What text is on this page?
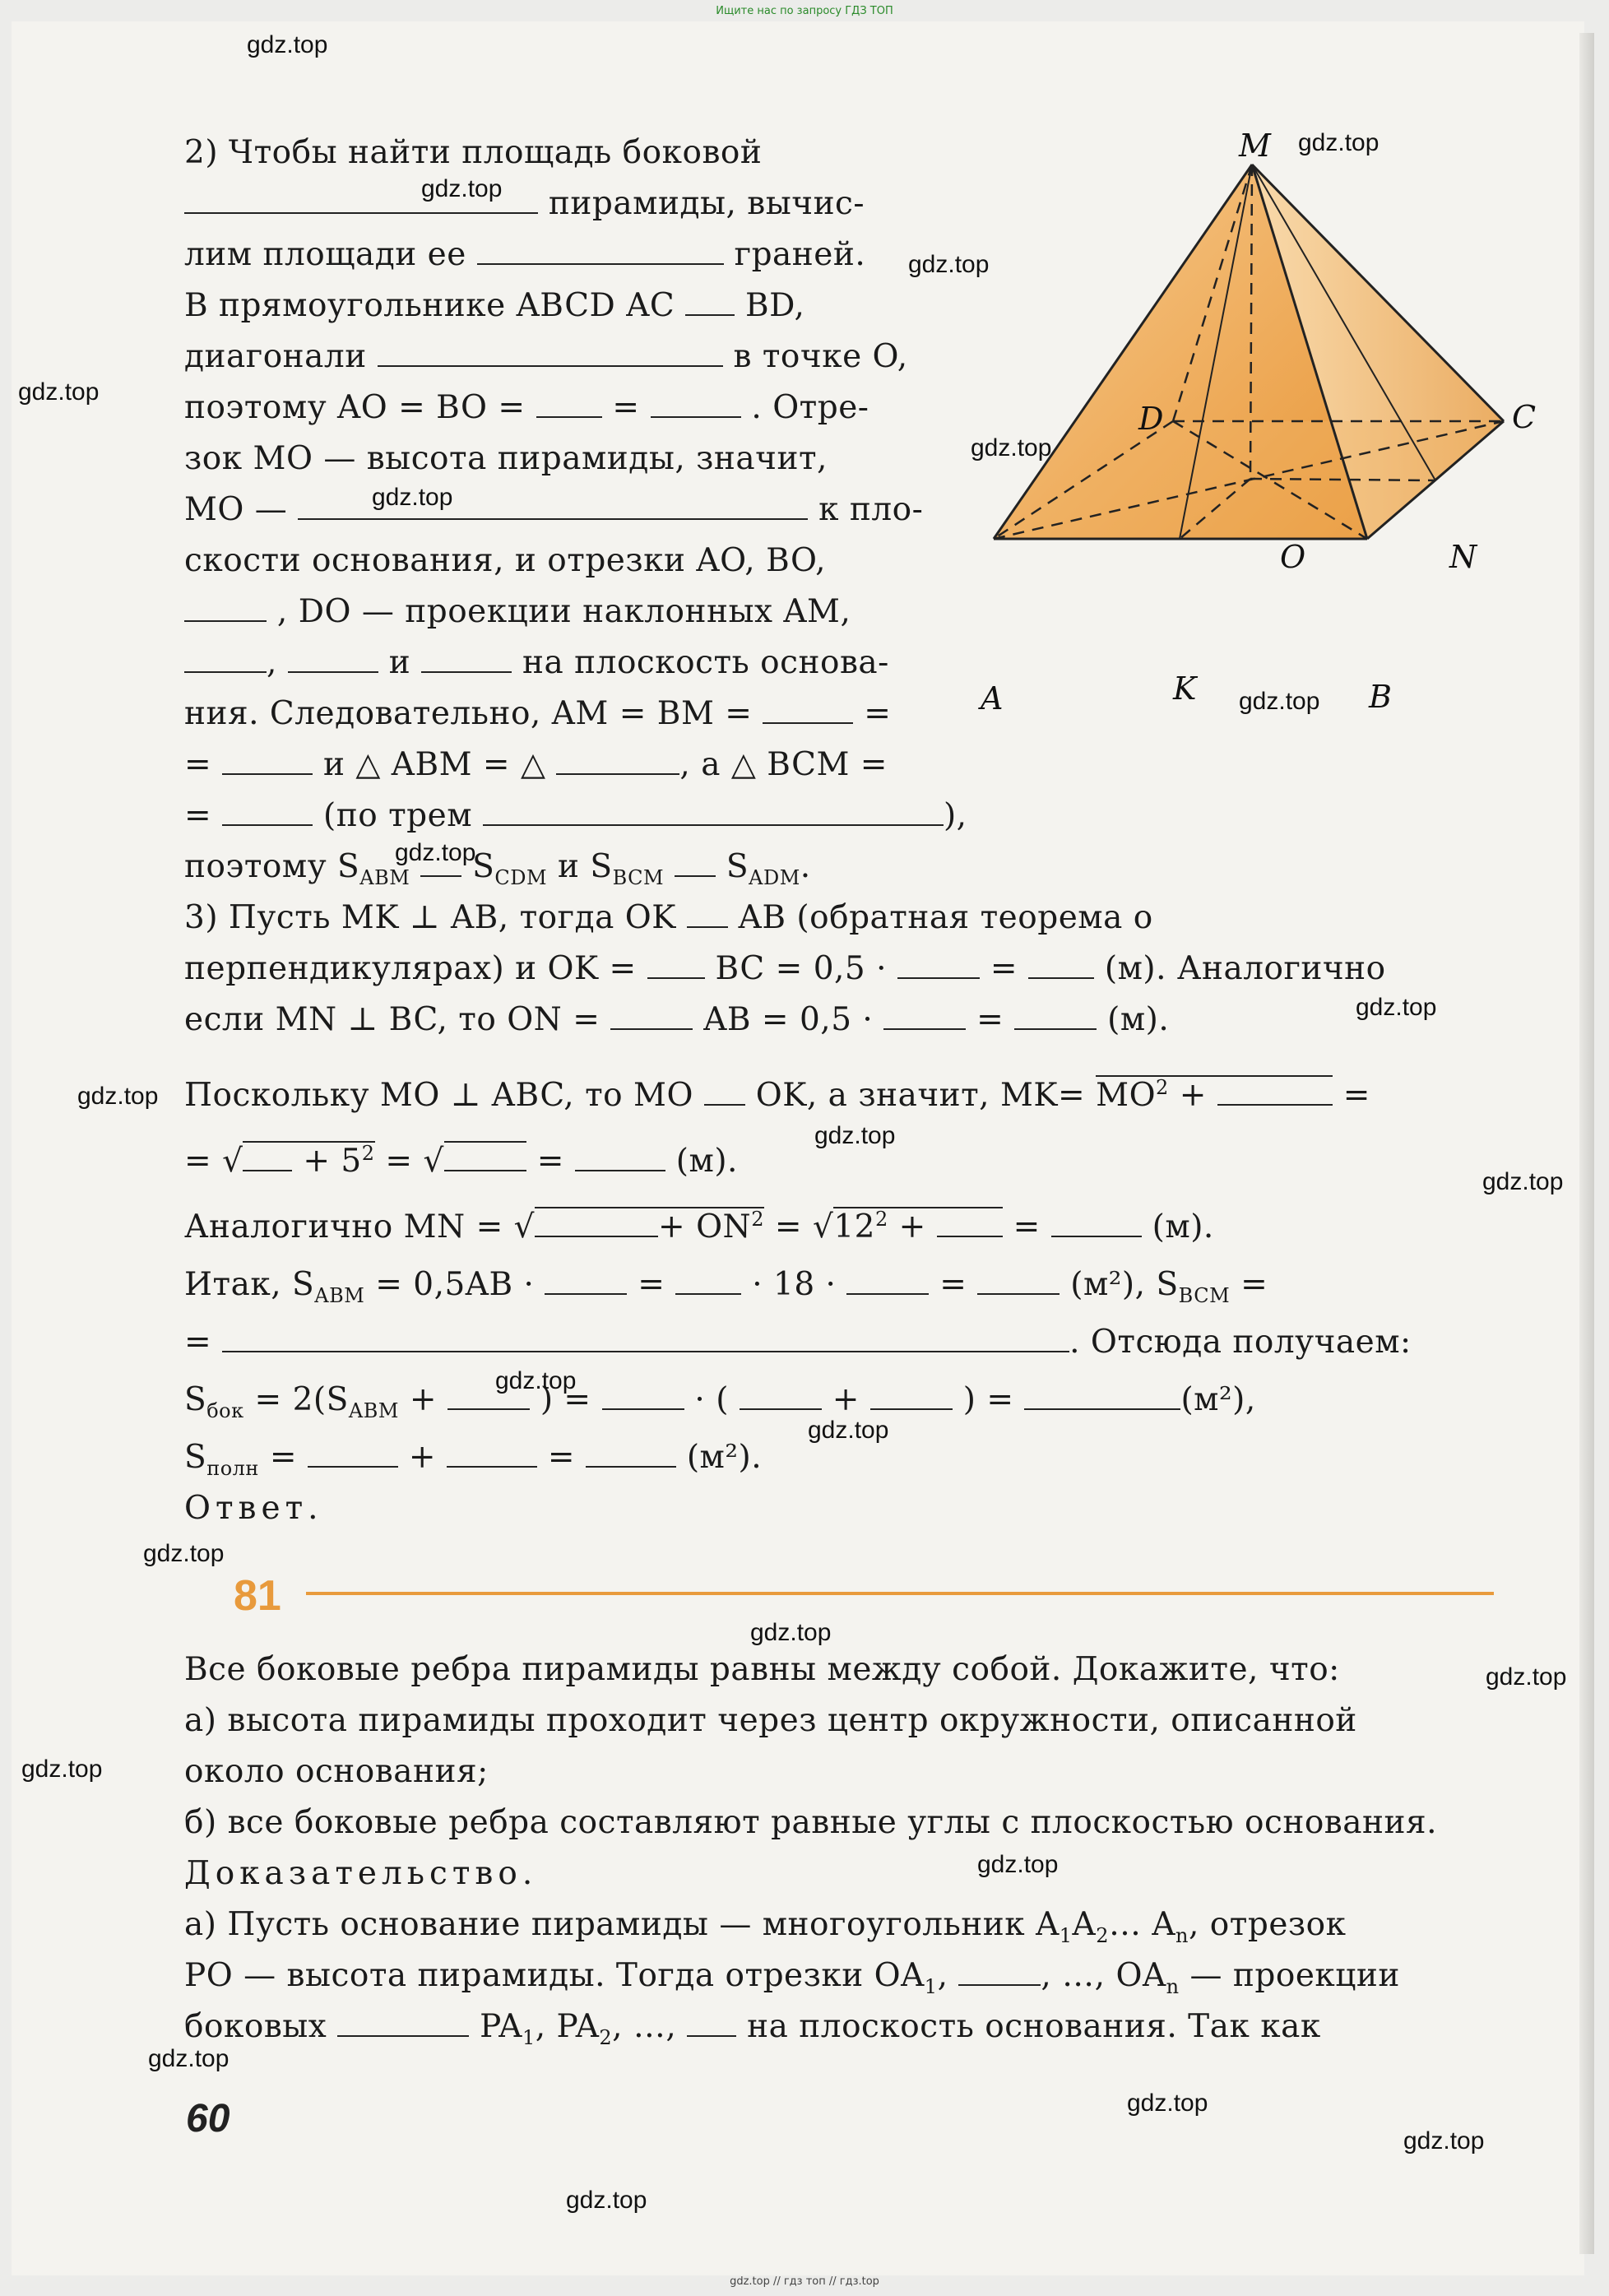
Ищите нас по запросу ГДЗ ТОП
M
C
D
N
O
A	K	B
2) Чтобы найти площадь боковой
пирамиды, вычис-
лим площади ее	граней.
В прямоугольнике ABCD AC BD,
диагонали	в точке O,
поэтому AO = BO =	=	. Отре-
зок MO — высота пирамиды, значит,
MO —	к пло-
скости основания, и отрезки AO, BO,
, DO — проекции наклонных AM,
,	и	на плоскость основа-
ния. Следовательно, AM = BM =	=
=	и △ ABM = △	, а △ BCM =
=	(по трем	),
поэтому $S_{ABM}$ $S_{CDM}$ и $S_{BCM}$ $S_{ADM}$.
3) Пусть MK ⊥ AB, тогда OK AB (обратная теорема о
перпендикулярах) и OK = BC = 0,5 ·	=	(м). Аналогично
если MN ⊥ BC, то ON =	AB = 0,5 ·	=	(м).
Поскольку MO ⊥ ABC, то MO OK, а значит, $MK= MO^2$ +	=
= √ + $5^2$ = √	=	(м).
Аналогично MN = √	+ $ON^2 = √12^2$ +	=	(м).
Итак, $S_{ABM} = 0,5AB$ ·	=	· 18 ·	=	(м²), $S_{BCM}$ =
=	. Отсюда получаем:
$S_{бок} = 2(S_{ABM}$ +	) =	· (	+	) =	(м²),
$S_{полн}$ =	+	=	(м²).
Ответ.
Все боковые ребра пирамиды равны между собой. Докажите, что:
а) высота пирамиды проходит через центр окружности, описанной
около основания;
б) все боковые ребра составляют равные углы с плоскостью основания.
Доказательство.
а) Пусть основание пирамиды — многоугольник $A_1A_2\dots$ $A_n$, отрезок
PO — высота пирамиды. Тогда отрезки $OA_1$,	, …, $OA_n$ — проекции
боковых	$PA_1$, $PA_2$, …, на плоскость основания. Так как
81
60
gdz.top
gdz.top
gdz.top
gdz.top
gdz.top
gdz.top
gdz.top
gdz.top
gdz.top
gdz.top
gdz.top
gdz.top
gdz.top
gdz.top
gdz.top
gdz.top
gdz.top
gdz.top
gdz.top
gdz.top
gdz.top
gdz.top
gdz.top
gdz.top
gdz.top // гдз топ // гдз.top
